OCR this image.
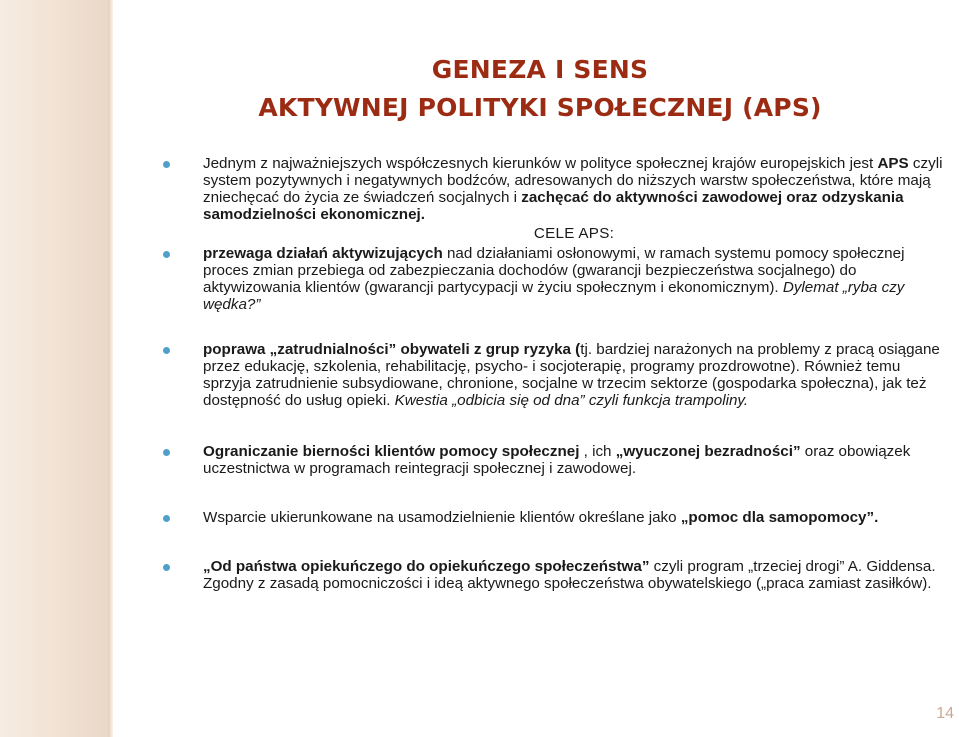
GENEZA I SENS
AKTYWNEJ POLITYKI SPOŁECZNEJ (APS)

Jednym z najważniejszych współczesnych kierunków w polityce społecznej krajów europejskich jest APS czyli system pozytywnych i negatywnych bodźców, adresowanych do niższych warstw społeczeństwa, które mają zniechęcać do życia ze świadczeń socjalnych i zachęcać do aktywności zawodowej oraz odzyskania samodzielności ekonomicznej.

CELE APS:

przewaga działań aktywizujących nad działaniami osłonowymi, w ramach systemu pomocy społecznej proces zmian przebiega od zabezpieczania dochodów (gwarancji bezpieczeństwa socjalnego) do aktywizowania klientów (gwarancji partycypacji w życiu społecznym i ekonomicznym). Dylemat „ryba czy wędka?”

poprawa „zatrudnialności” obywateli z grup ryzyka (tj. bardziej narażonych na problemy z pracą osiągane przez edukację, szkolenia, rehabilitację, psycho- i socjoterapię, programy prozdrowotne). Również temu sprzyja zatrudnienie subsydiowane, chronione, socjalne w trzecim sektorze (gospodarka społeczna), jak też dostępność do usług opieki. Kwestia „odbicia się od dna” czyli funkcja trampoliny.

Ograniczanie bierności klientów pomocy społecznej , ich „wyuczonej bezradności” oraz obowiązek uczestnictwa w programach reintegracji społecznej i zawodowej.

Wsparcie ukierunkowane na usamodzielnienie klientów określane jako „pomoc dla samopomocy”.

„Od państwa opiekuńczego do opiekuńczego społeczeństwa” czyli program „trzeciej drogi” A. Giddensa. Zgodny z zasadą pomocniczości i ideą aktywnego społeczeństwa obywatelskiego („praca zamiast zasiłków).

14
